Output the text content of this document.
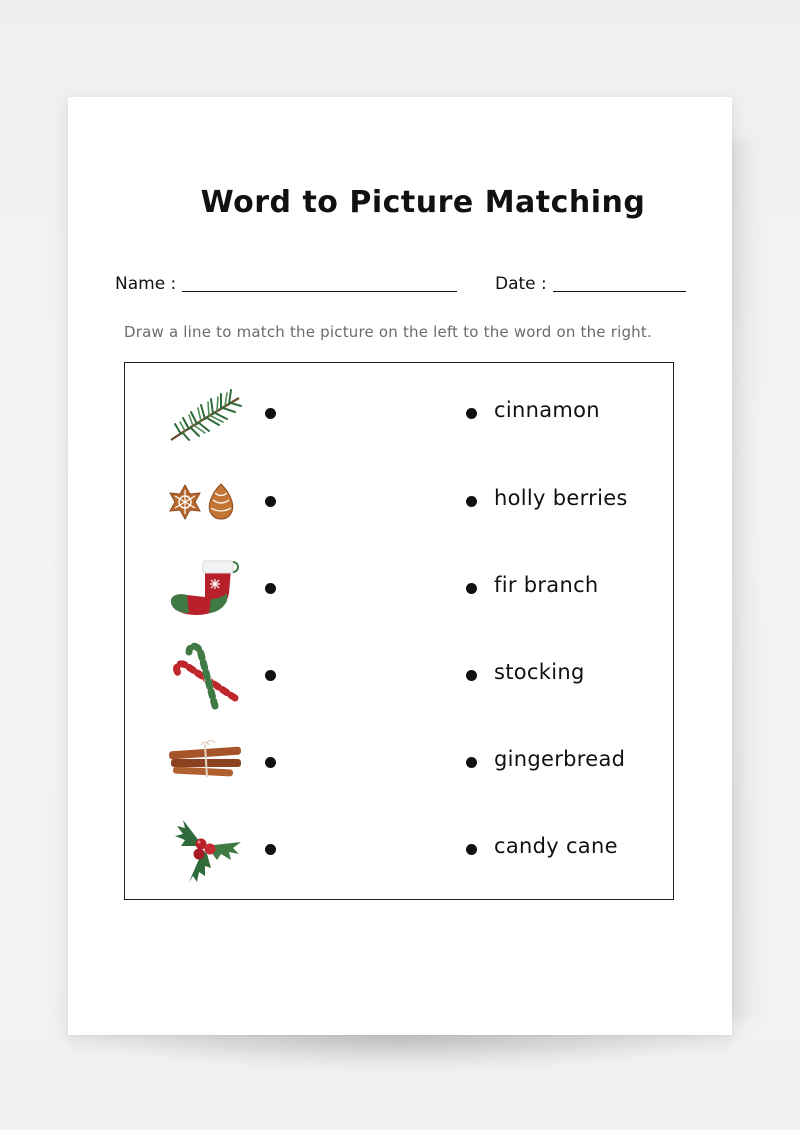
Word to Picture Matching
Name :	Date :
Draw a line to match the picture on the left to the word on the right.
cinnamon
holly berries
fir branch
stocking
gingerbread
candy cane
